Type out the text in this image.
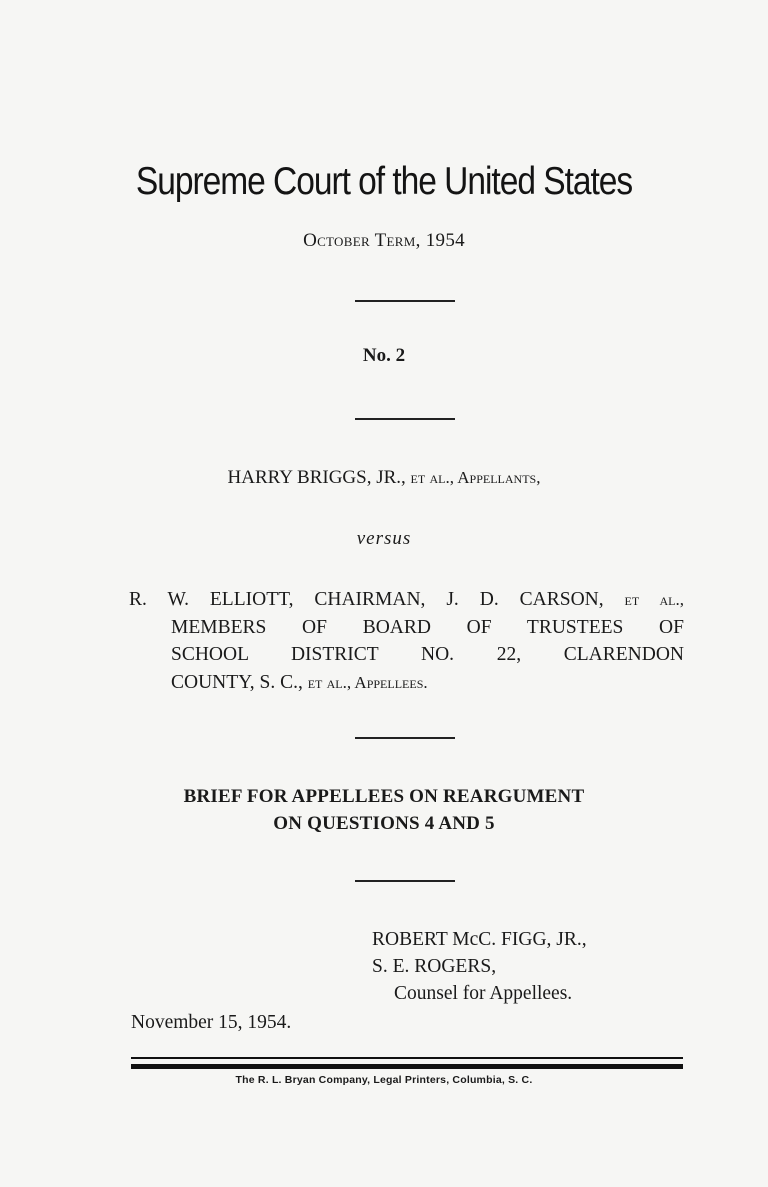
Supreme Court of the United States
October Term, 1954
No. 2
HARRY BRIGGS, JR., et al., Appellants,
versus
R. W. ELLIOTT, CHAIRMAN, J. D. CARSON, et al.,
MEMBERS OF BOARD OF TRUSTEES OF
SCHOOL DISTRICT NO. 22, CLARENDON
COUNTY, S. C., et al., Appellees.
BRIEF FOR APPELLEES ON REARGUMENT
ON QUESTIONS 4 AND 5
ROBERT McC. FIGG, JR.,
S. E. ROGERS,
Counsel for Appellees.
November 15, 1954.
The R. L. Bryan Company, Legal Printers, Columbia, S. C.
